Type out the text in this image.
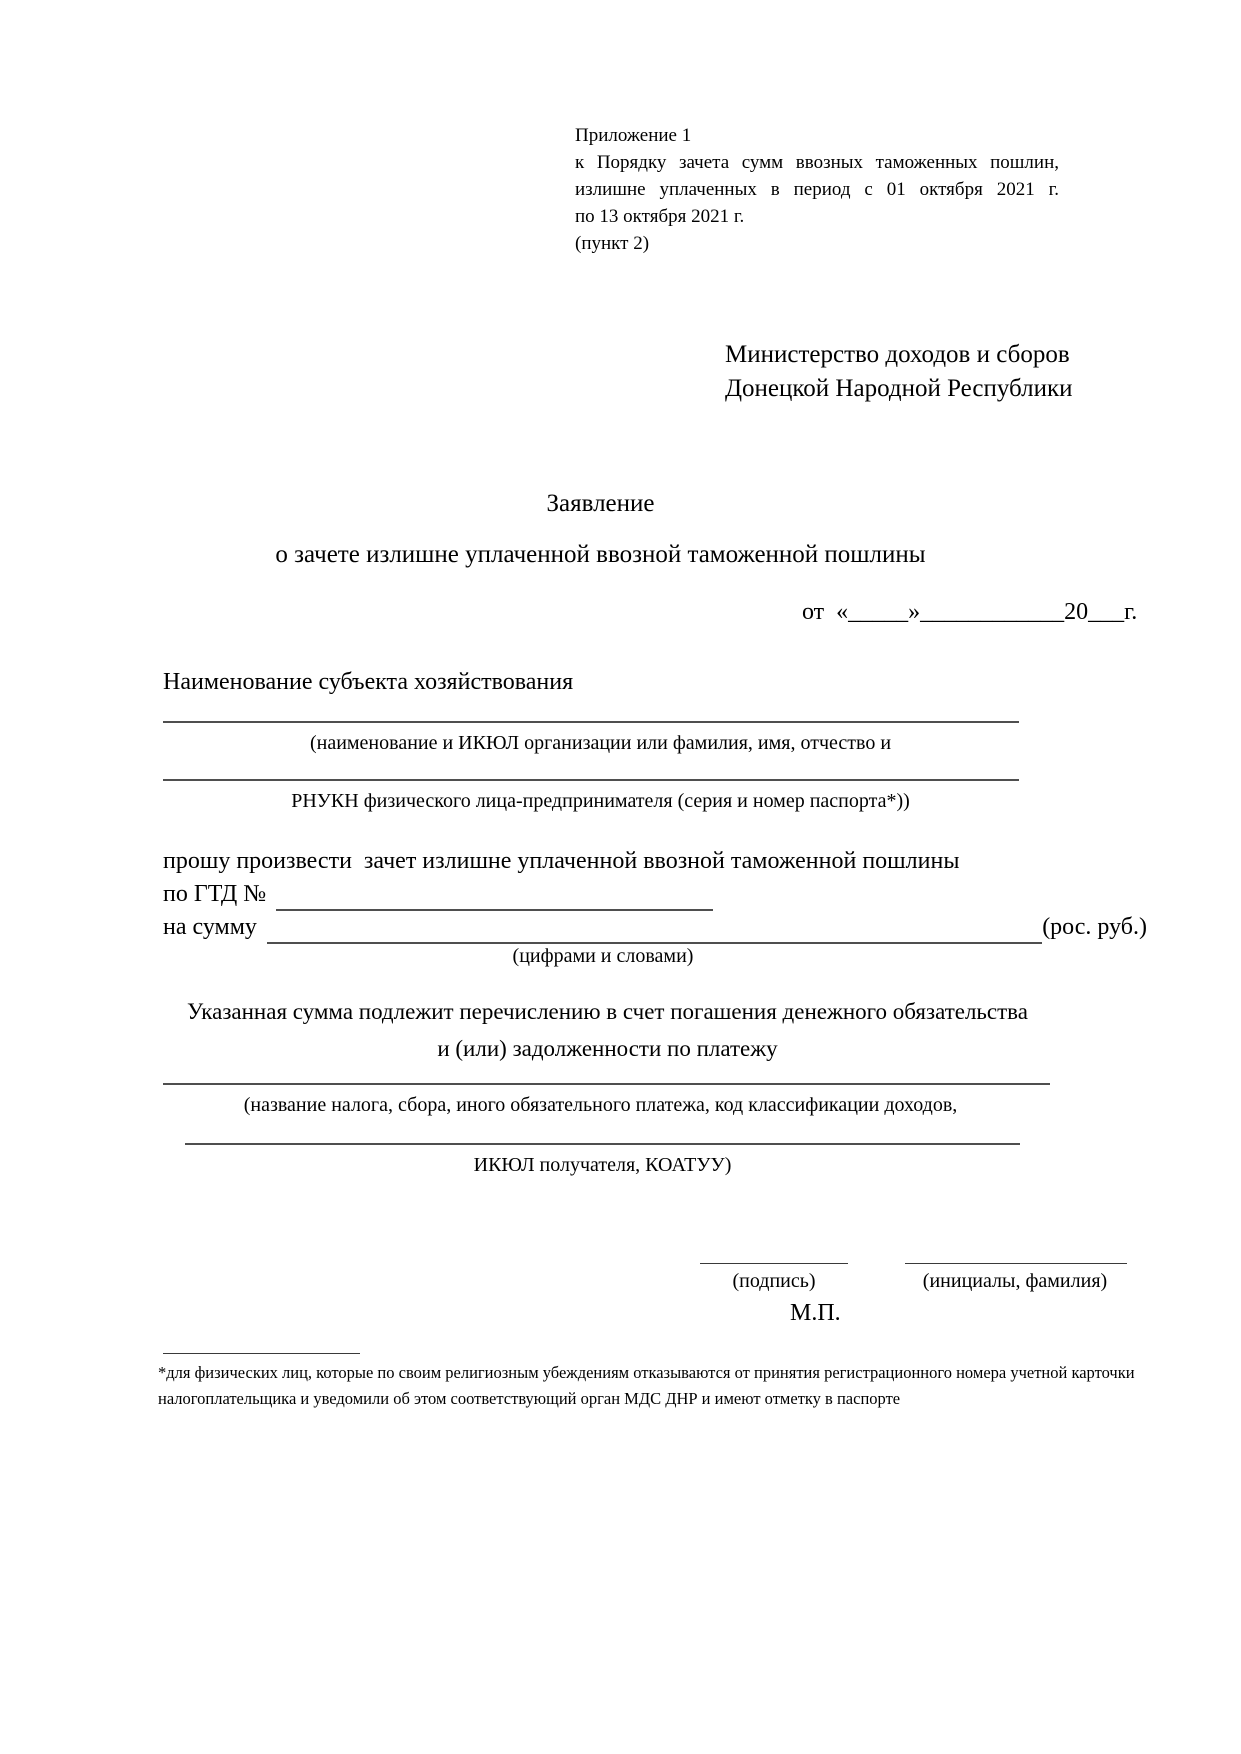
Приложение 1
к Порядку зачета сумм ввозных таможенных пошлин,
излишне уплаченных в период с 01 октября 2021 г.
по 13 октября 2021 г.
(пункт 2)
Министерство доходов и сборов
Донецкой Народной Республики
Заявление
о зачете излишне уплаченной ввозной таможенной пошлины
от  «_____»____________20___г.
Наименование субъекта хозяйствования
(наименование и ИКЮЛ организации или фамилия, имя, отчество и
РНУКН физического лица-предпринимателя (серия и номер паспорта*))
прошу произвести  зачет излишне уплаченной ввозной таможенной пошлины
по ГТД №
на сумму	(рос. руб.)
(цифрами и словами)
Указанная сумма подлежит перечислению в счет погашения денежного обязательства
и (или) задолженности по платежу
(название налога, сбора, иного обязательного платежа, код классификации доходов,
ИКЮЛ получателя, КОАТУУ)
(подпись)	(инициалы, фамилия)
М.П.
*для физических лиц, которые по своим религиозным убеждениям отказываются от принятия регистрационного номера учетной карточки
налогоплательщика и уведомили об этом соответствующий орган МДС ДНР и имеют отметку в паспорте
